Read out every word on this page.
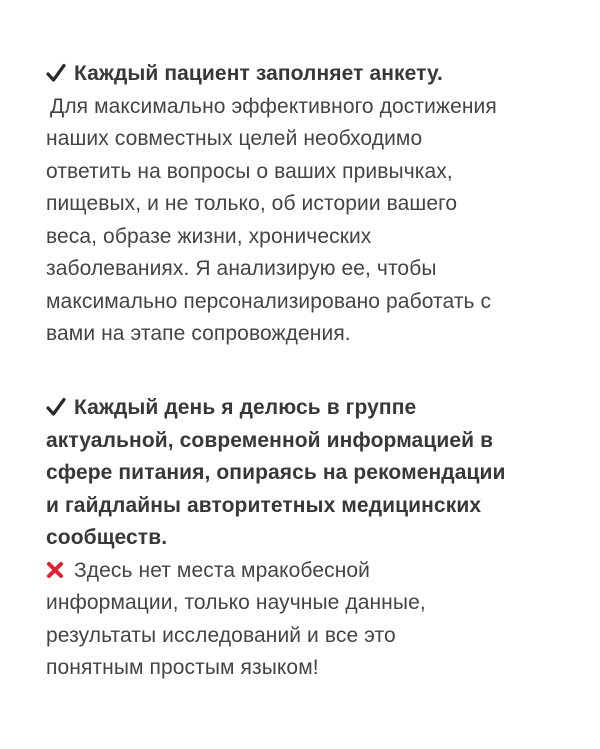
Каждый пациент заполняет анкету.
Для максимально эффективного достижения
наших совместных целей необходимо
ответить на вопросы о ваших привычках,
пищевых, и не только, об истории вашего
веса, образе жизни, хронических
заболеваниях. Я анализирую ее, чтобы
максимально персонализировано работать с
вами на этапе сопровождения.
Каждый день я делюсь в группе
актуальной, современной информацией в
сфере питания, опираясь на рекомендации
и гайдлайны авторитетных медицинских
сообществ.
Здесь нет места мракобесной
информации, только научные данные,
результаты исследований и все это
понятным простым языком!
